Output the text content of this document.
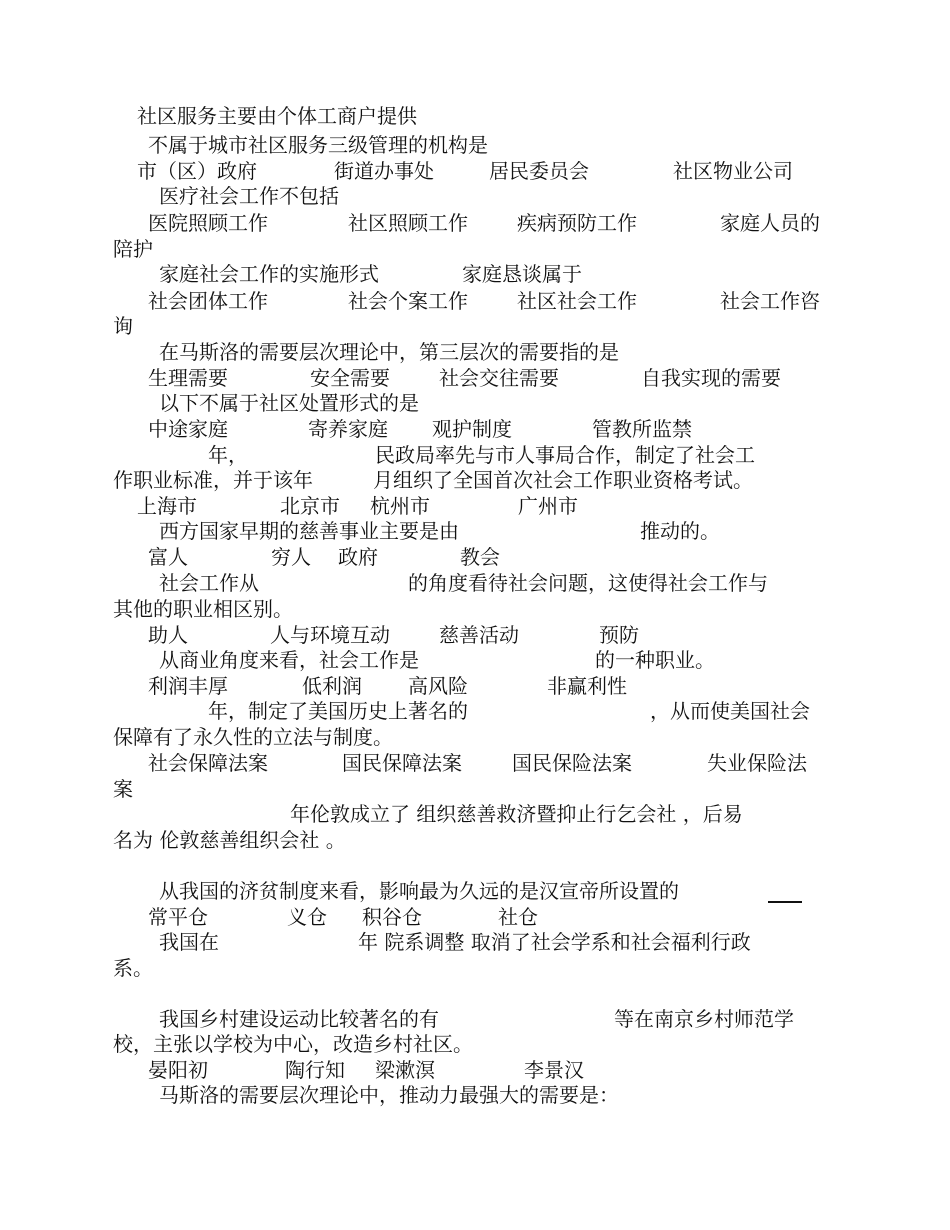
社区服务主要由个体工商户提供
不属于城市社区服务三级管理的机构是
市（区）政府	街道办事处	居民委员会	社区物业公司
医疗社会工作不包括
医院照顾工作	社区照顾工作 疾病预防工作	家庭人员的
陪护
家庭社会工作的实施形式	家庭恳谈属于
社会团体工作	社会个案工作 社区社会工作	社会工作咨
询
在马斯洛的需要层次理论中，第三层次的需要指的是
生理需要	安全需要 社会交往需要	自我实现的需要
以下不属于社区处置形式的是
中途家庭	寄养家庭 观护制度	管教所监禁
年，	民政局率先与市人事局合作，制定了社会工
作职业标准，并于该年	月组织了全国首次社会工作职业资格考试。
上海市	北京市 杭州市	广州市
西方国家早期的慈善事业主要是由	推动的。
富人	穷人 政府	教会
社会工作从	的角度看待社会问题，这使得社会工作与
其他的职业相区别。
助人	人与环境互动 慈善活动	预防
从商业角度来看，社会工作是	的一种职业。
利润丰厚	低利润 高风险	非赢利性
年，制定了美国历史上著名的	，从而使美国社会
保障有了永久性的立法与制度。
社会保障法案	国民保障法案	国民保险法案	失业保险法
案
年伦敦成立了 组织慈善救济暨抑止行乞会社 ，后易
名为 伦敦慈善组织会社 。
从我国的济贫制度来看，影响最为久远的是汉宣帝所设置的
常平仓	义仓 积谷仓	社仓
我国在	年 院系调整 取消了社会学系和社会福利行政
系。
我国乡村建设运动比较著名的有	等在南京乡村师范学
校，主张以学校为中心，改造乡村社区。
晏阳初	陶行知 梁漱溟	李景汉
马斯洛的需要层次理论中，推动力最强大的需要是：
